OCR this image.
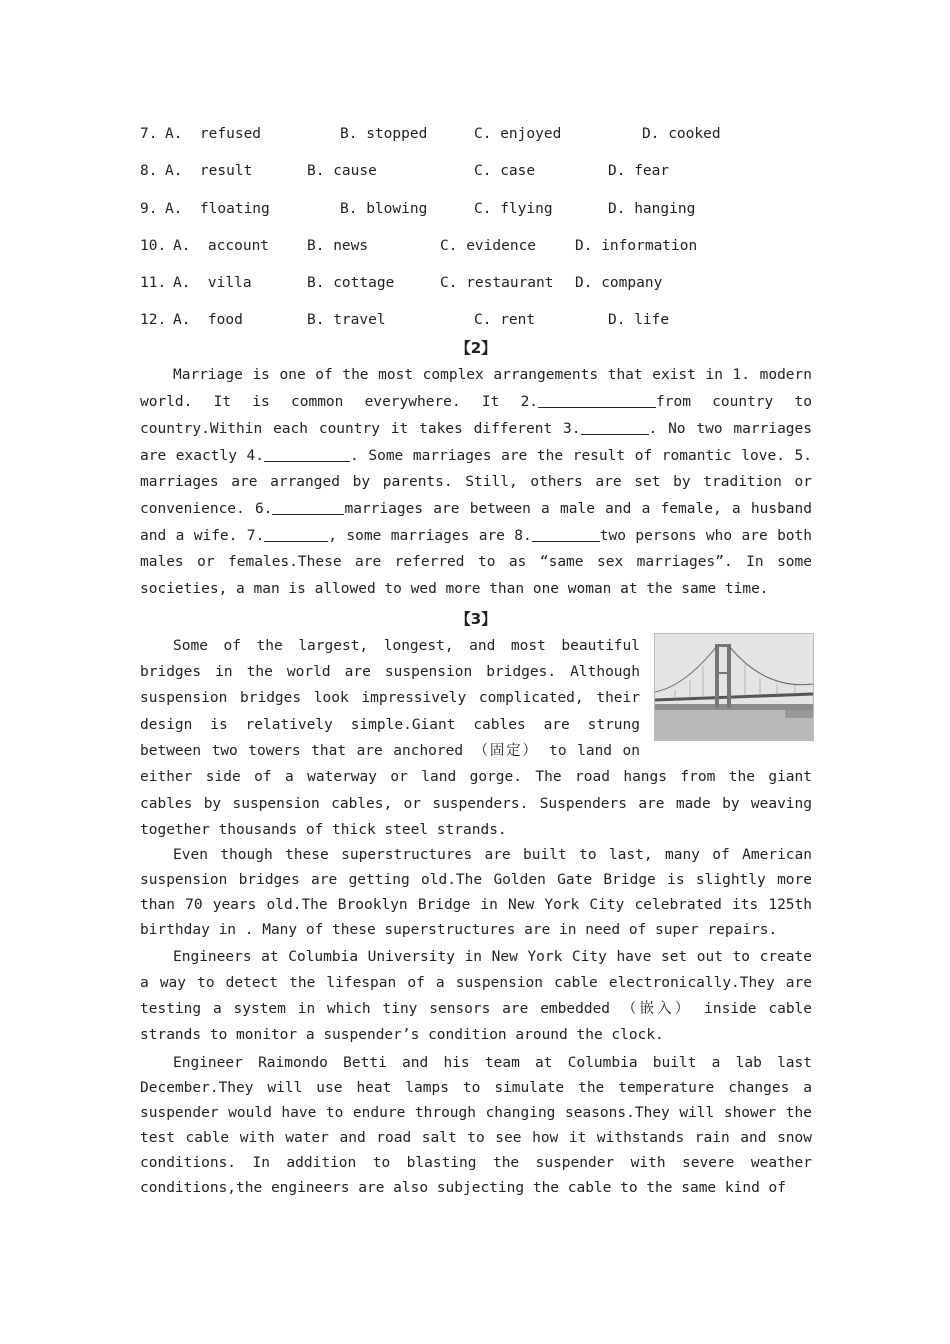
7. A.  refused	B. stopped	C. enjoyed	D. cooked
8. A.  result	B. cause	C. case	D. fear
9. A.  floating	B. blowing	C. flying	D. hanging
10. A.  account	B. news	C. evidence	D. information
11. A.  villa	B. cottage	C. restaurant D. company
12. A.  food	B. travel	C. rent	D. life
【2】

Marriage is one of the most complex arrangements that exist in 1. modern world. It is common everywhere. It 2.	from country to country.Within each country it takes different 3.	. No two marriages are exactly 4.	. Some marriages are the result of romantic love. 5. marriages are arranged by parents. Still, others are set by tradition or convenience. 6.	marriages are between a male and a female, a husband and a wife. 7.	, some marriages are 8.	two persons who are both males or females.These are referred to as “same sex marriages”. In some societies, a man is allowed to wed more than one woman at the same time.

【3】

Some of the largest, longest, and most beautiful bridges in the world are suspension bridges. Although suspension bridges look impressively complicated, their design is relatively simple.Giant cables are strung between two towers that are anchored （固定） to land on either side of a waterway or land gorge. The road hangs from the giant cables by suspension cables, or suspenders. Suspenders are made by weaving together thousands of thick steel strands.

Even though these superstructures are built to last, many of American suspension bridges are getting old.The Golden Gate Bridge is slightly more than 70 years old.The Brooklyn Bridge in New York City celebrated its 125th birthday in . Many of these superstructures are in need of super repairs.

Engineers at Columbia University in New York City have set out to create a way to detect the lifespan of a suspension cable electronically.They are testing a system in which tiny sensors are embedded （嵌入） inside cable strands to monitor a suspender’s condition around the clock.

Engineer Raimondo Betti and his team at Columbia built a lab last December.They will use heat lamps to simulate the temperature changes a suspender would have to endure through changing seasons.They will shower the test cable with water and road salt to see how it withstands rain and snow conditions. In addition to blasting the suspender with severe weather conditions,the engineers are also subjecting the cable to the same kind of
